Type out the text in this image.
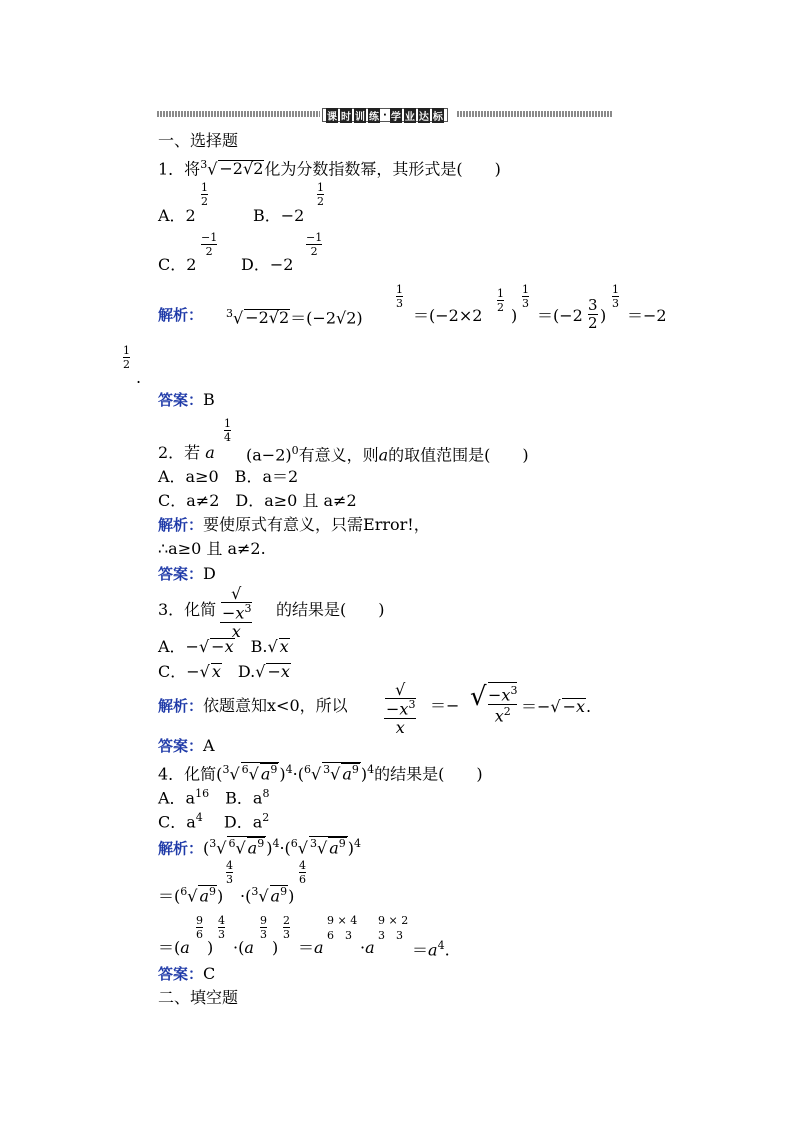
课 时 训 练 · 学 业 达 标
一、选择题
1．将$^3$√ −2√2化为分数指数幂，其形式是(　　)
A．2
1
2
B．−2
1
2
C．2
−1
2
D．−2
−1
2
解析： $^3$√ −2√2＝(−2√2)
1
3
＝(−2×2
1
2 )
1
3
＝(−2
3
2 )
1
3
＝−2
1
2
.
答案：B
2．若 a
1
4
$(a-2)^0$有意义，则a的取值范围是(　　)
A．a≥0　B．a＝2
C．a≠2　D．a≥0 且 a≠2
解析：要使原式有意义，只需Error!，
∴a≥0 且 a≠2.
答案：D
3．化简
√
$-x^3$
x
的结果是(　　)
A．−√ −x　 B.√ x
C．−√ x　 D.√ −x
解析：依题意知x<0，所以
√
$-x^3$
x
＝− √ $-x^3$
$x^2$ ＝−√ −x.
答案：A
4．化简($^3$√ $^6$√ $a^9$ )$^4$·($^6$√ $^3$√ $a^9$ )$^4$的结果是(　　)
A．$a^{16}$　 B．$a^8$
C．$a^4$　 D．$a^2$
解析：($^3$√ $^6$√ $a^9$ )$^4$·($^6$√ $^3$√ $a^9$ )$^4$
＝($^6$√ $a^9$)
4
3
·($^3$√ $a^9$)
4
6
＝(a
9
6
)
4
3
·(a
9
3
)
2
3
＝a
9 × 4
6　3
·a
9 × 2
3　3
$=a^4$.
答案：C
二、填空题
